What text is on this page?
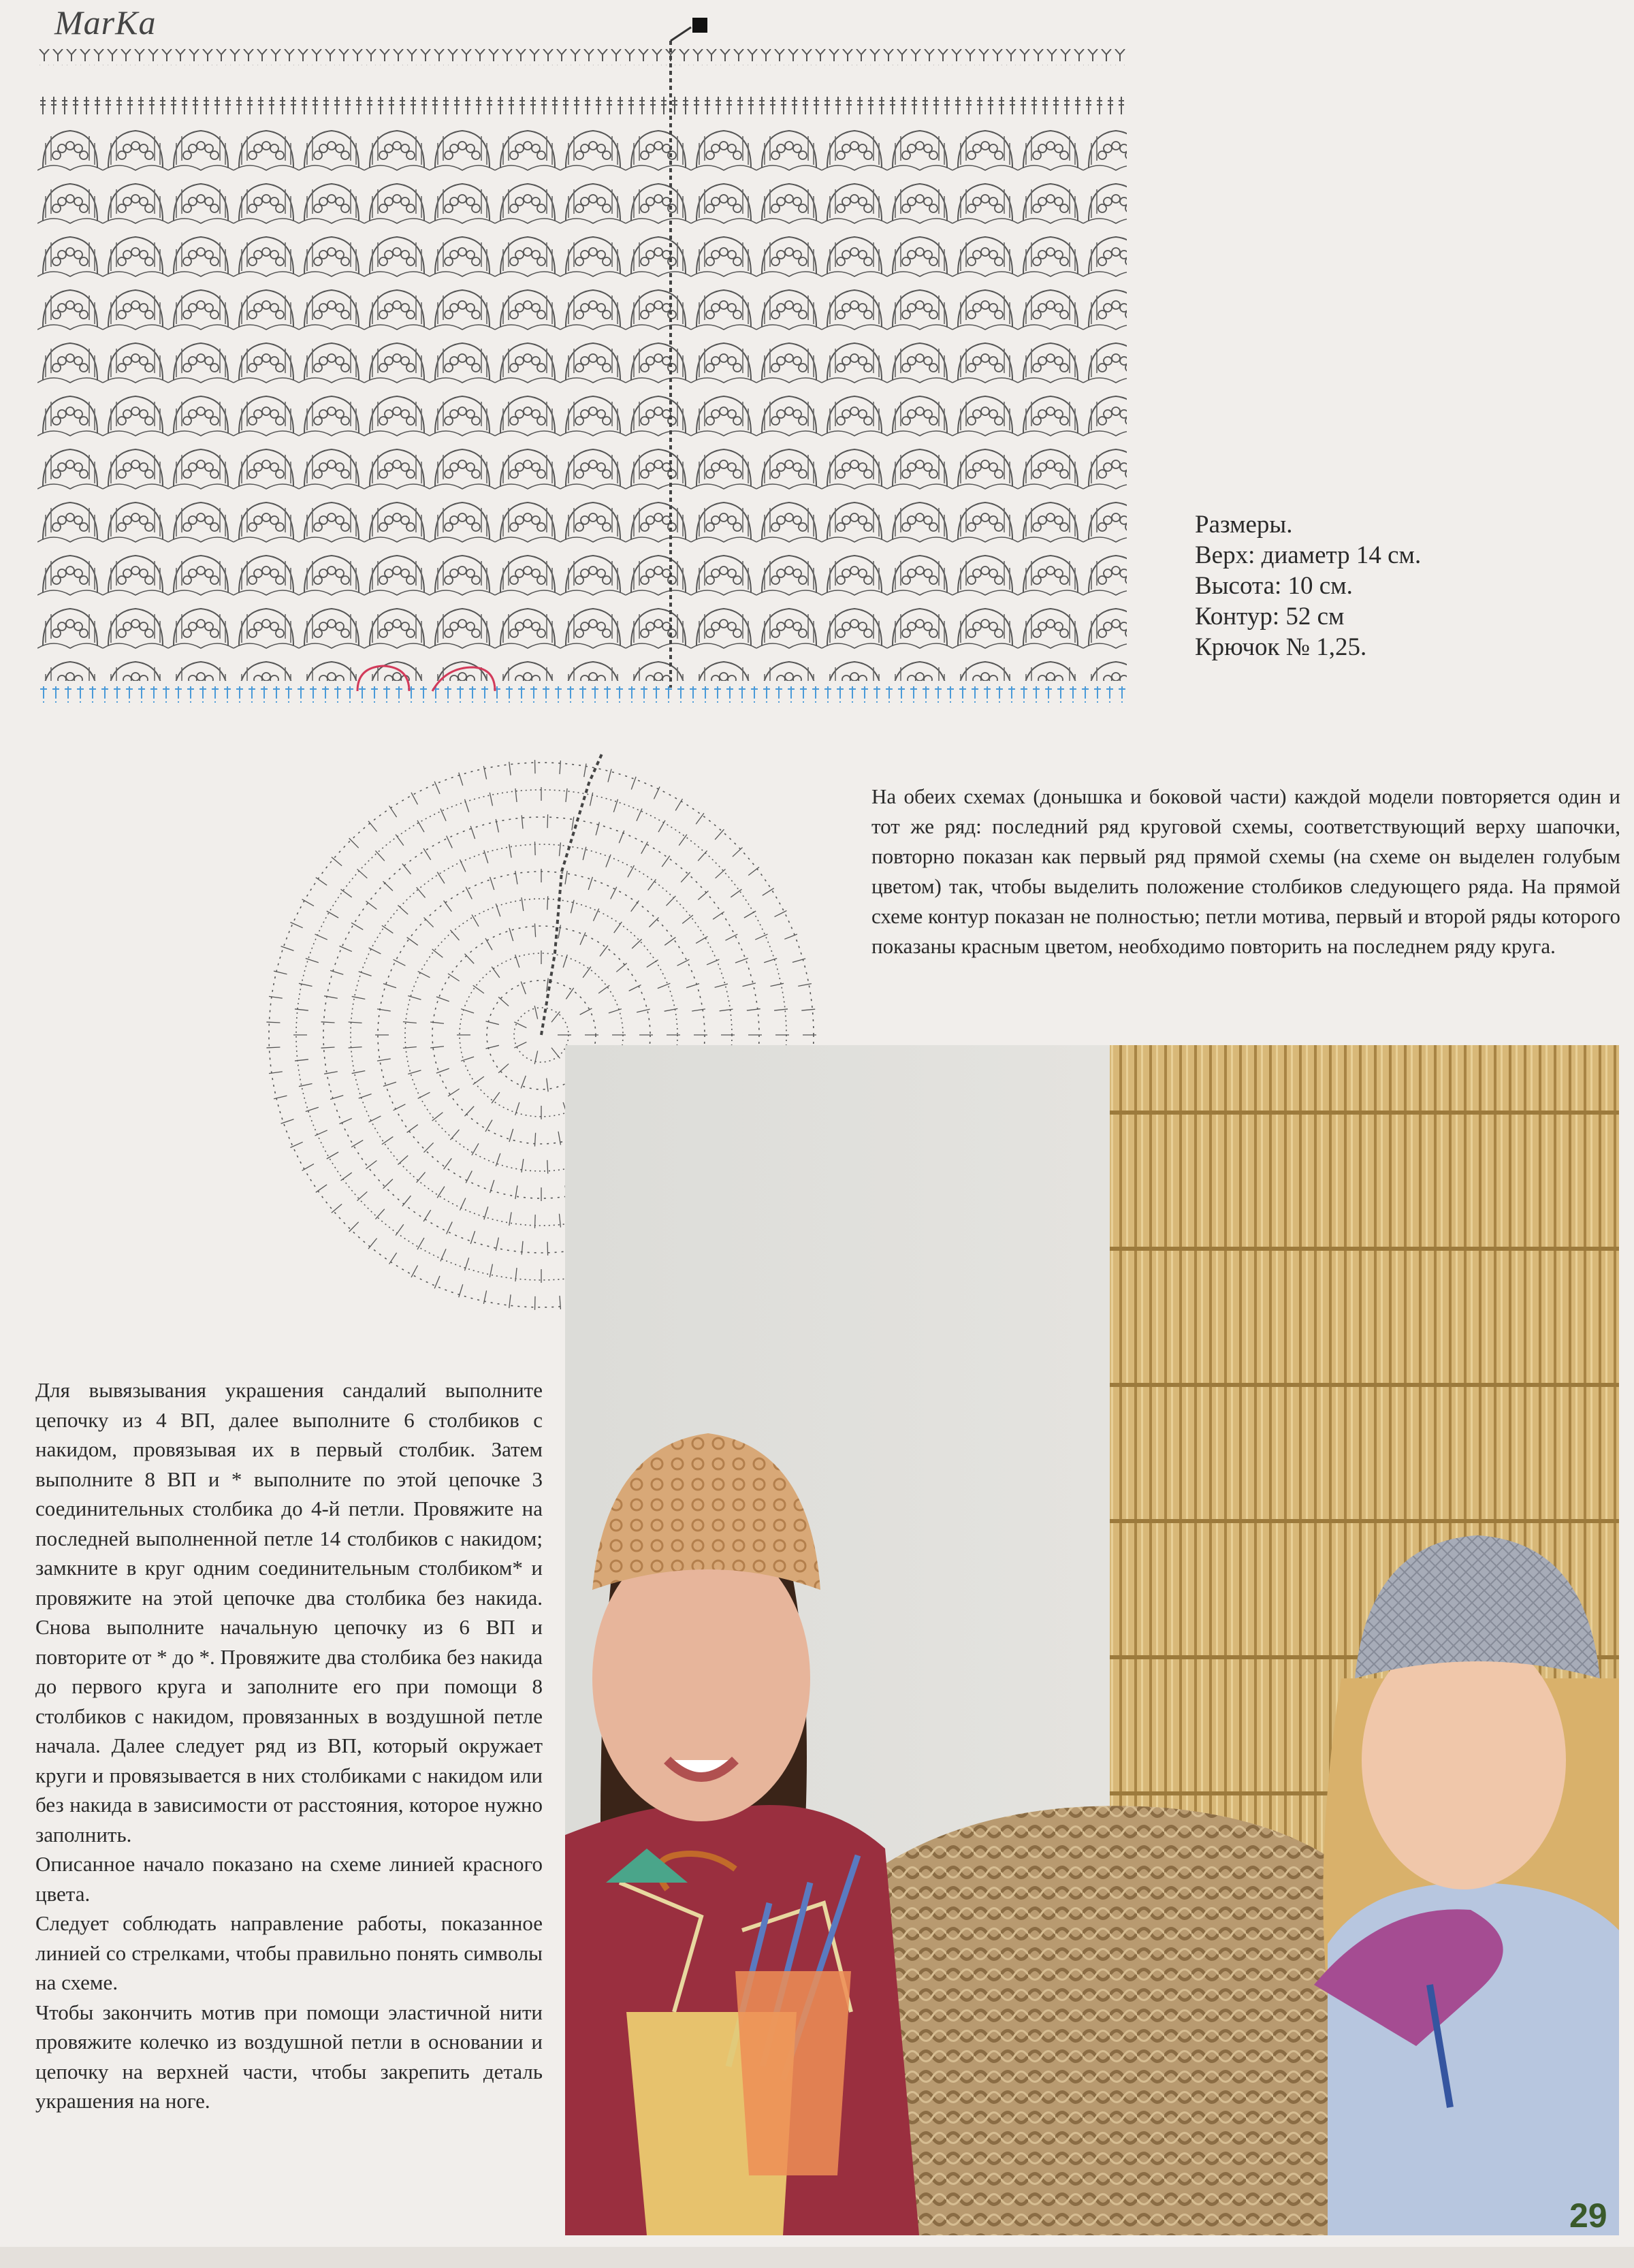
MarKa
Размеры.
Верх: диаметр 14 см.
Высота: 10 см.
Контур: 52 см
Крючок № 1,25.
На обеих схемах (донышка и боковой части) каждой модели повторяется один и тот же ряд: последний ряд круговой схемы, соответствующий верху шапочки, повторно показан как первый ряд прямой схемы (на схеме он выделен голубым цветом) так, чтобы выделить положение столбиков следующего ряда. На прямой схеме контур показан не полностью; петли мотива, первый и второй ряды которого показаны красным цветом, необходимо повторить на последнем ряду круга.

Для вывязывания украшения сандалий выполните цепочку из 4 ВП, далее выполните 6 столбиков с накидом, провязывая их в первый столбик. Затем выполните 8 ВП и * выполните по этой цепочке 3 соединительных столбика до 4-й петли. Провяжите на последней выполненной петле 14 столбиков с накидом; замкните в круг одним соединительным столбиком* и провяжите на этой цепочке два столбика без накида. Снова выполните начальную цепочку из 6 ВП и повторите от * до *. Провяжите два столбика без накида до первого круга и заполните его при помощи 8 столбиков с накидом, провязанных в воздушной петле начала. Далее следует ряд из ВП, который окружает круги и провязывается в них столбиками с накидом или без накида в зависимости от расстояния, которое нужно заполнить.

Описанное начало показано на схеме линией красного цвета.

Следует соблюдать направление работы, показанное линией со стрелками, чтобы правильно понять символы на схеме.

Чтобы закончить мотив при помощи эластичной нити провяжите колечко из воздушной петли в основании и цепочку на верхней части, чтобы закрепить деталь украшения на ноге.

29
